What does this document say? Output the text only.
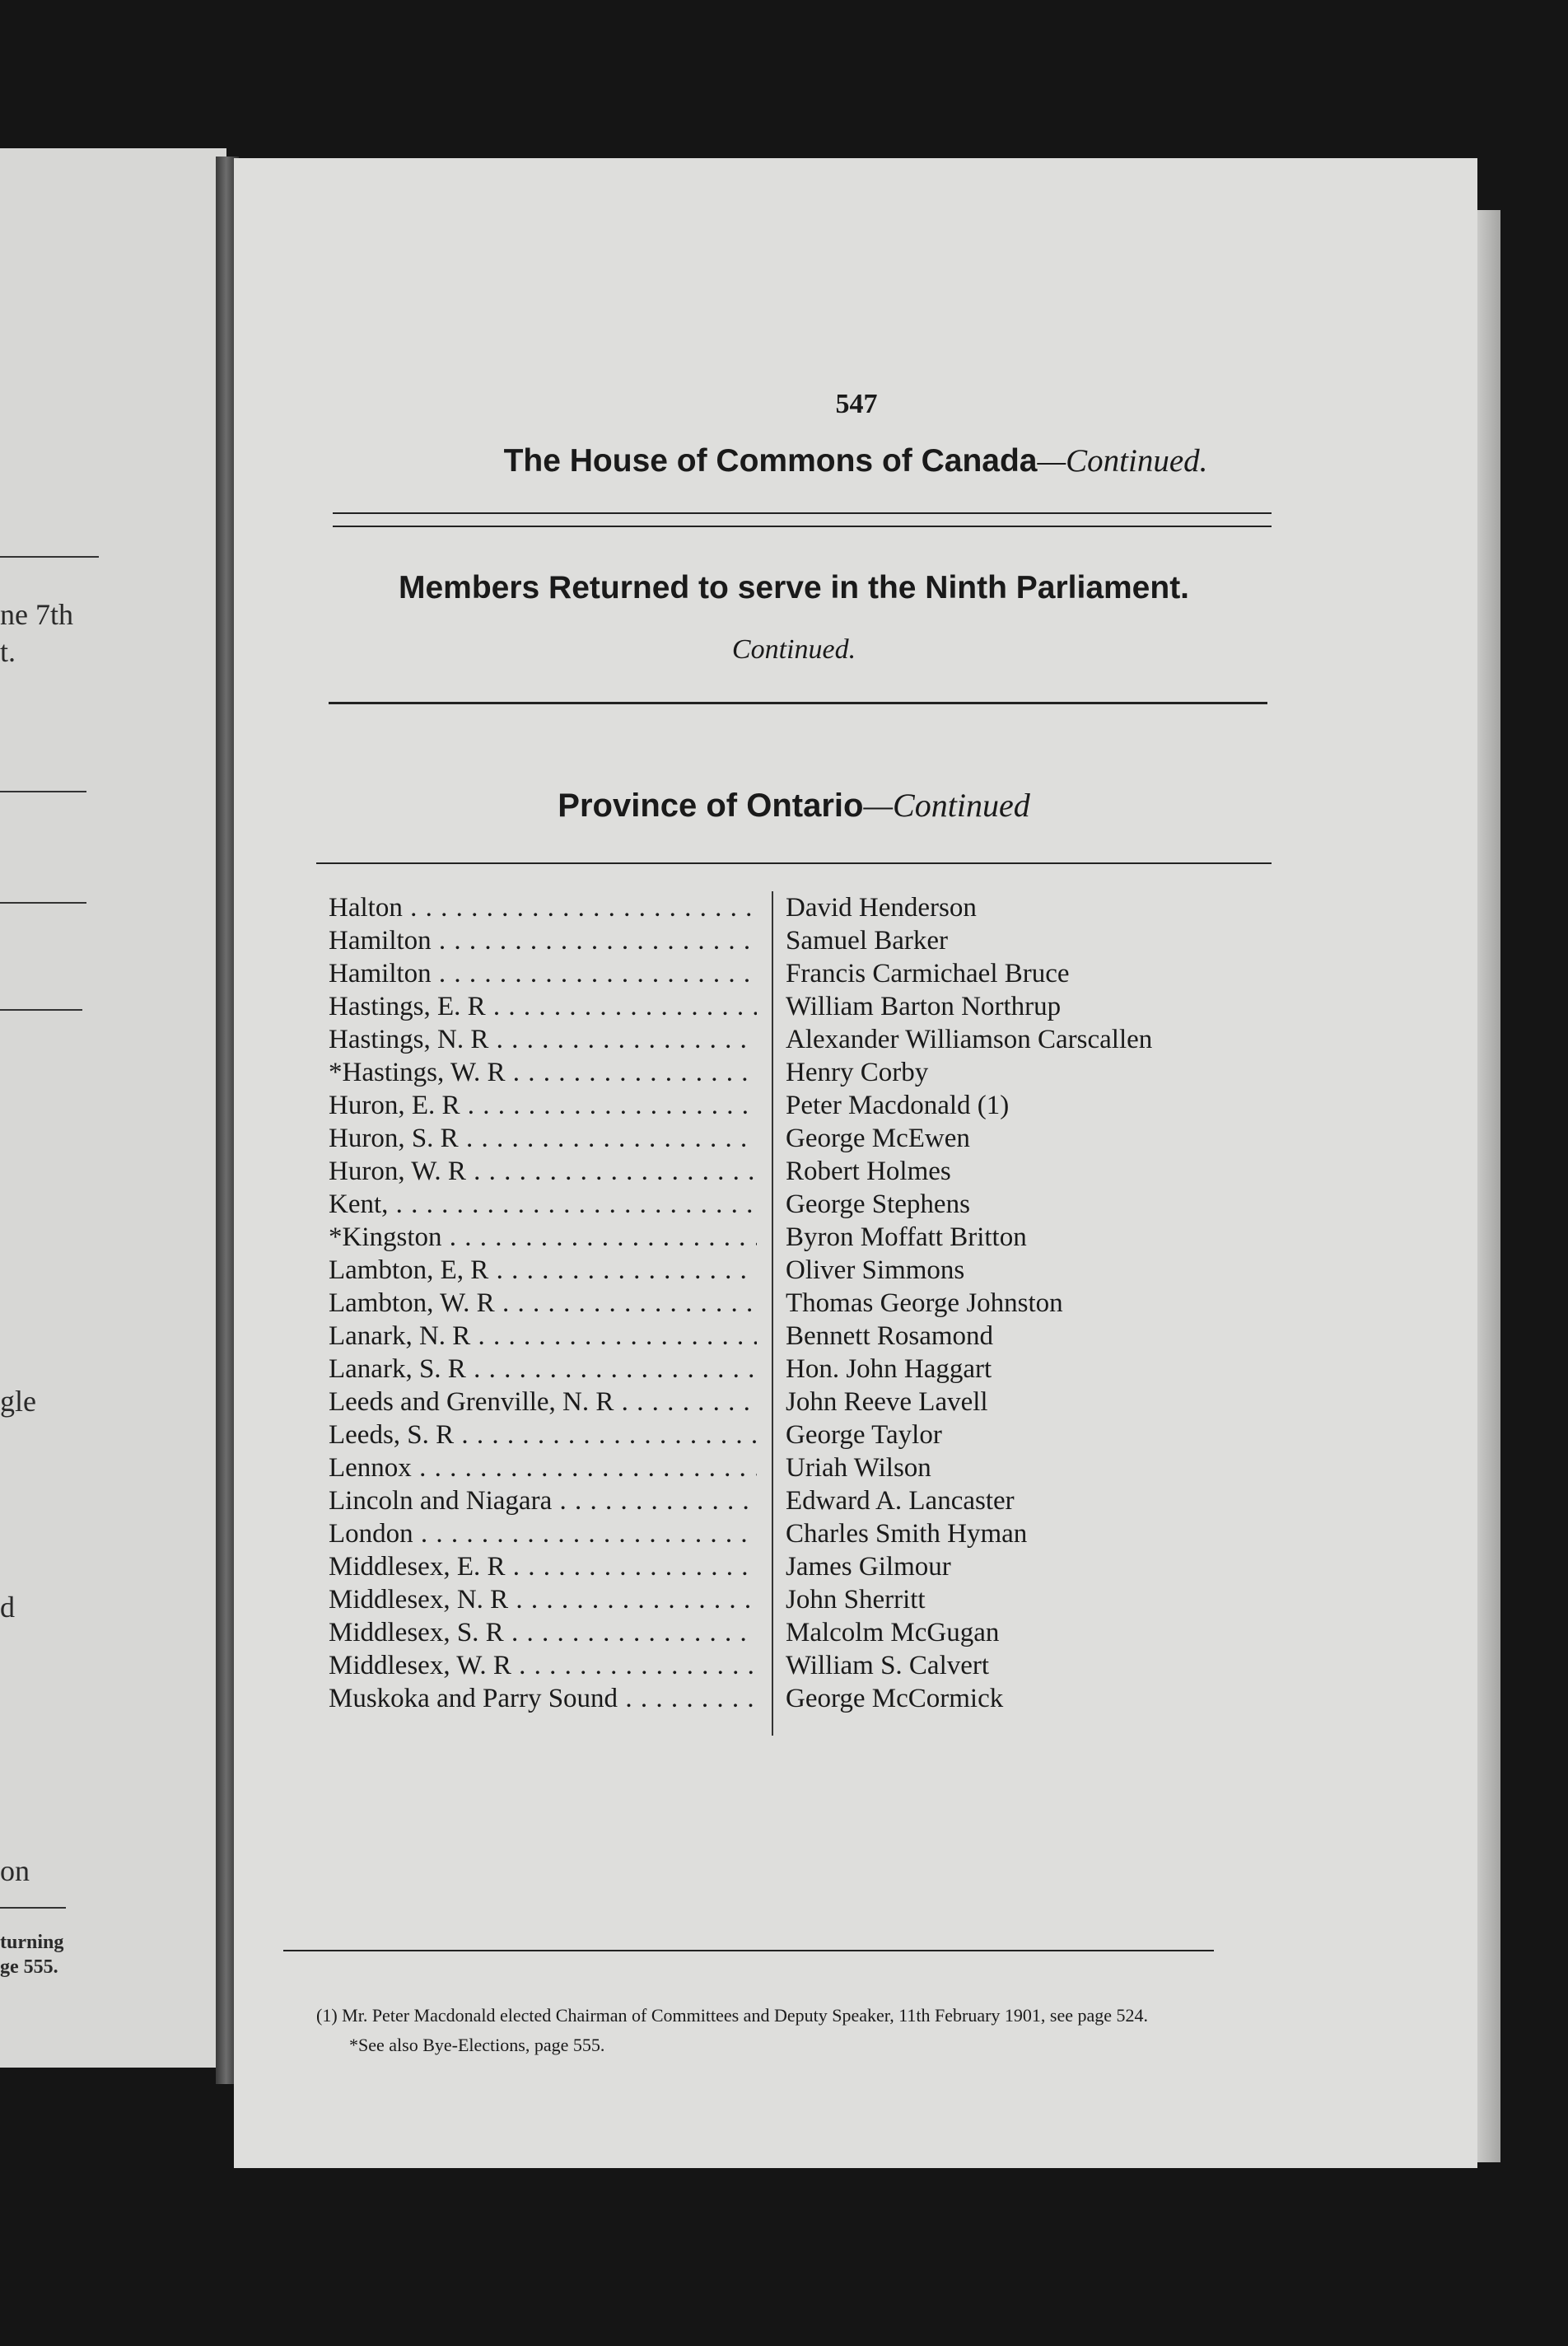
ne 7th
t.
gle
d
on
turning
ge 555.
547
The House of Commons of Canada—Continued.
Members Returned to serve in the Ninth Parliament.
Continued.
Province of Ontario—Continued
Halton . . .	David Henderson
Hamilton . . .	Samuel Barker
Hamilton . . .	Francis Carmichael Bruce
Hastings, E. R . . .	William Barton Northrup
Hastings, N. R . . .	Alexander Williamson Carscallen
*Hastings, W. R . . .	Henry Corby
Huron, E. R . . .	Peter Macdonald (1)
Huron, S. R . . .	George McEwen
Huron, W. R . . .	Robert Holmes
Kent, . . .	George Stephens
*Kingston . . .	Byron Moffatt Britton
Lambton, E, R . . .	Oliver Simmons
Lambton, W. R . . .	Thomas George Johnston
Lanark, N. R . . .	Bennett Rosamond
Lanark, S. R . . .	Hon. John Haggart
Leeds and Grenville, N. R . . .	John Reeve Lavell
Leeds, S. R . . .	George Taylor
Lennox . . .	Uriah Wilson
Lincoln and Niagara . . .	Edward A. Lancaster
London . . .	Charles Smith Hyman
Middlesex, E. R . . .	James Gilmour
Middlesex, N. R . . .	John Sherritt
Middlesex, S. R . . .	Malcolm McGugan
Middlesex, W. R . . .	William S. Calvert
Muskoka and Parry Sound . . .	George McCormick

(1) Mr. Peter Macdonald elected Chairman of Committees and Deputy Speaker, 11th February 1901, see page 524.

*See also Bye-Elections, page 555.
